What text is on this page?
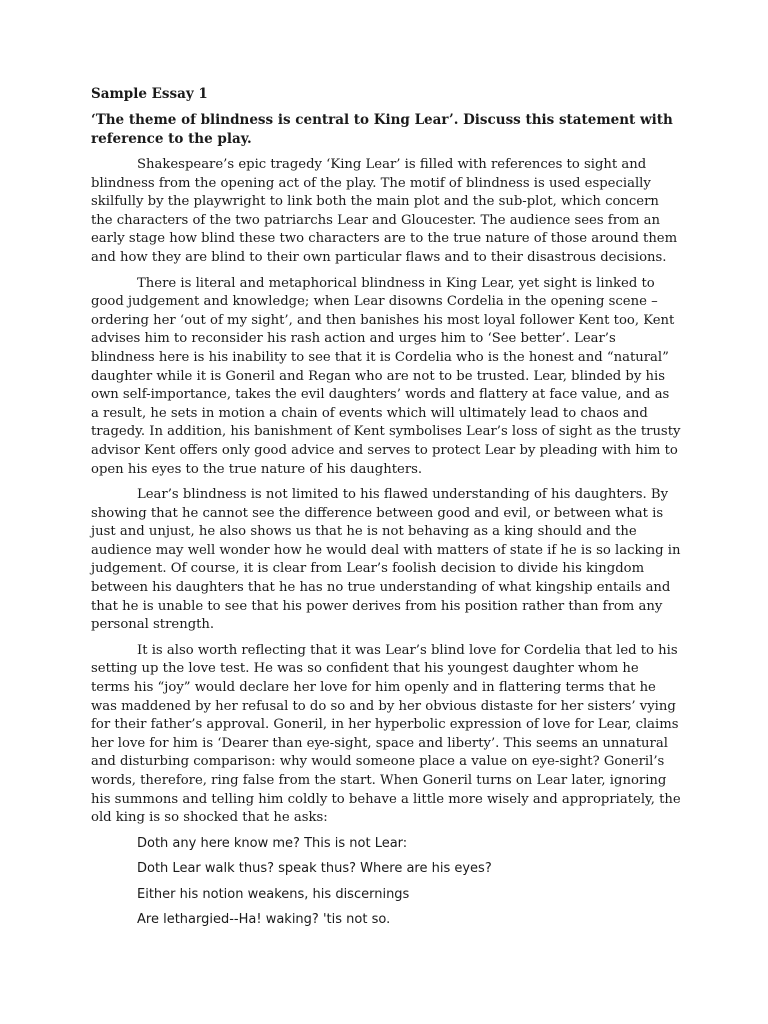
Sample Essay 1
‘The theme of blindness is central to King Lear’. Discuss this statement with reference to the play.

Shakespeare’s epic tragedy ‘King Lear’ is filled with references to sight and blindness from the opening act of the play. The motif of blindness is used especially skilfully by the playwright to link both the main plot and the sub-plot, which concern the characters of the two patriarchs Lear and Gloucester. The audience sees from an early stage how blind these two characters are to the true nature of those around them and how they are blind to their own particular flaws and to their disastrous decisions.

There is literal and metaphorical blindness in King Lear, yet sight is linked to good judgement and knowledge; when Lear disowns Cordelia in the opening scene – ordering her ‘out of my sight’, and then banishes his most loyal follower Kent too, Kent advises him to reconsider his rash action and urges him to ‘See better’. Lear’s blindness here is his inability to see that it is Cordelia who is the honest and “natural” daughter while it is Goneril and Regan who are not to be trusted. Lear, blinded by his own self-importance, takes the evil daughters’ words and flattery at face value, and as a result, he sets in motion a chain of events which will ultimately lead to chaos and tragedy. In addition, his banishment of Kent symbolises Lear’s loss of sight as the trusty advisor Kent offers only good advice and serves to protect Lear by pleading with him to open his eyes to the true nature of his daughters.

Lear’s blindness is not limited to his flawed understanding of his daughters. By showing that he cannot see the difference between good and evil, or between what is just and unjust, he also shows us that he is not behaving as a king should and the audience may well wonder how he would deal with matters of state if he is so lacking in judgement. Of course, it is clear from Lear’s foolish decision to divide his kingdom between his daughters that he has no true understanding of what kingship entails and that he is unable to see that his power derives from his position rather than from any personal strength.

It is also worth reflecting that it was Lear’s blind love for Cordelia that led to his setting up the love test. He was so confident that his youngest daughter whom he terms his “joy” would declare her love for him openly and in flattering terms that he was maddened by her refusal to do so and by her obvious distaste for her sisters’ vying for their father’s approval. Goneril, in her hyperbolic expression of love for Lear, claims her love for him is ‘Dearer than eye-sight, space and liberty’. This seems an unnatural and disturbing comparison: why would someone place a value on eye-sight? Goneril’s words, therefore, ring false from the start. When Goneril turns on Lear later, ignoring his summons and telling him coldly to behave a little more wisely and appropriately, the old king is so shocked that he asks:

Doth any here know me? This is not Lear:
Doth Lear walk thus? speak thus? Where are his eyes?
Either his notion weakens, his discernings
Are lethargied--Ha! waking? 'tis not so.
